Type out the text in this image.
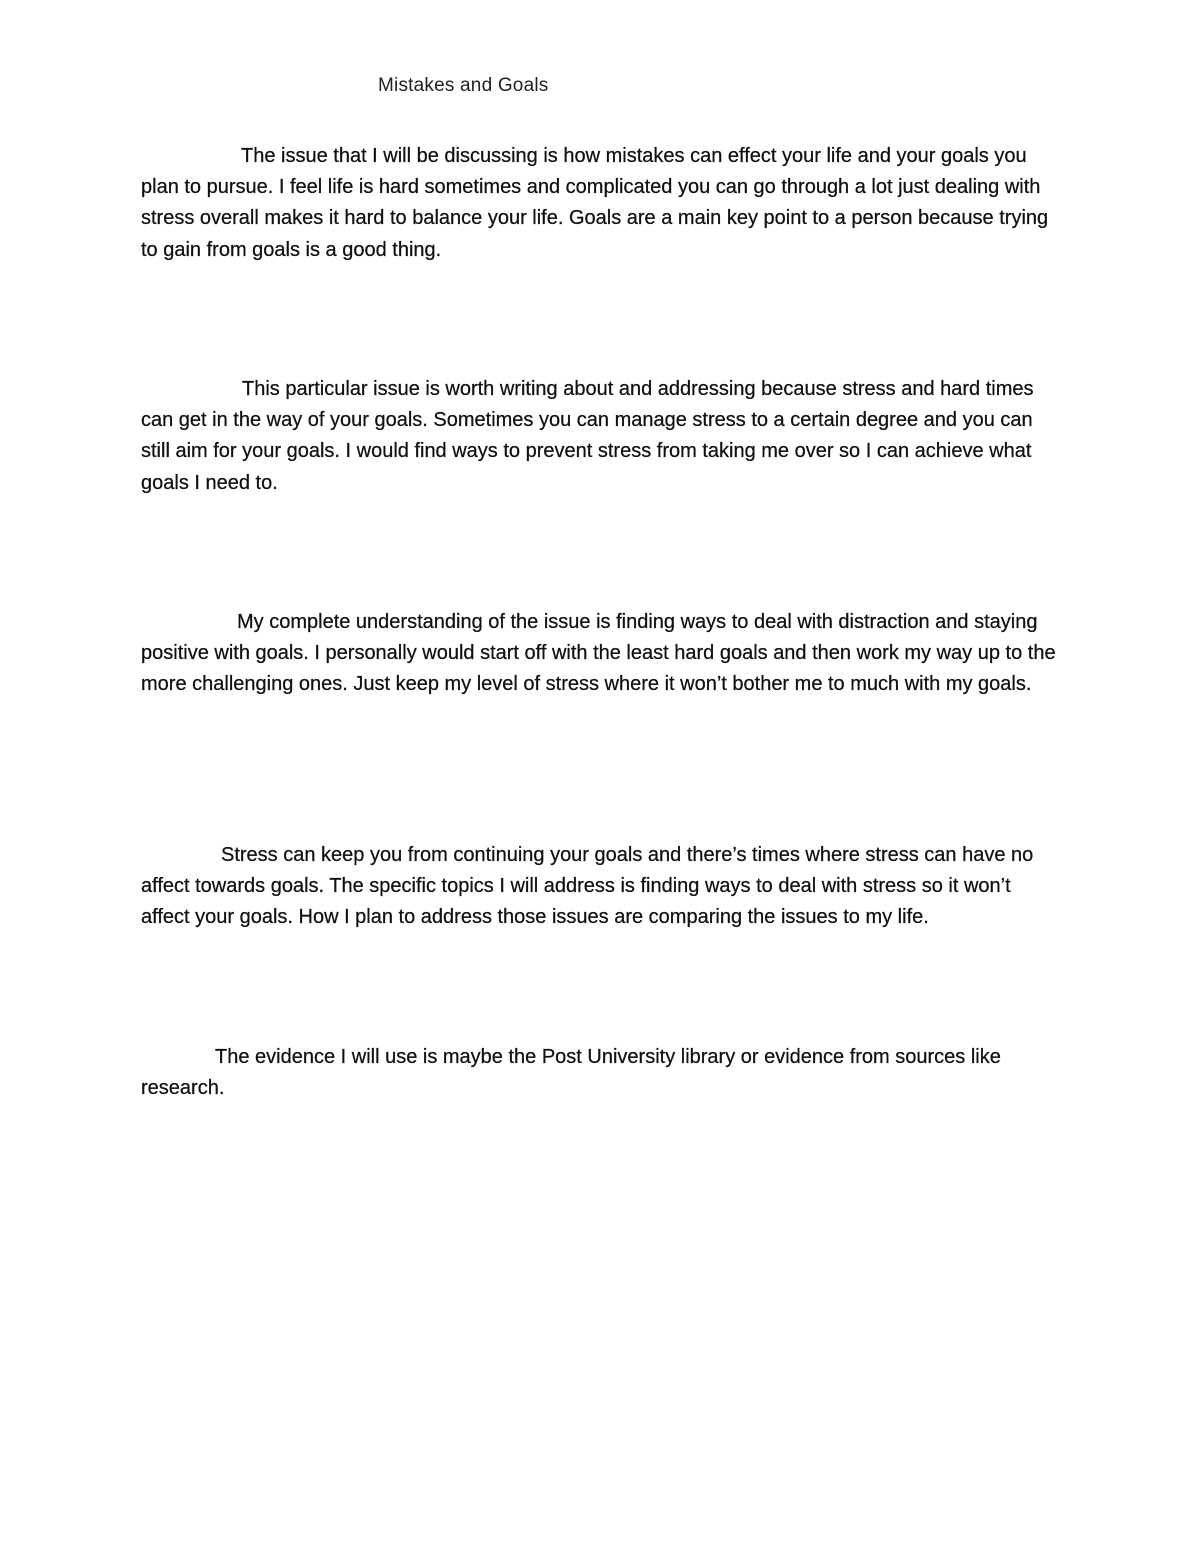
Mistakes and Goals

The issue that I will be discussing is how mistakes can effect your life and your goals you plan to pursue. I feel life is hard sometimes and complicated you can go through a lot just dealing with stress overall makes it hard to balance your life. Goals are a main key point to a person because trying to gain from goals is a good thing.

This particular issue is worth writing about and addressing because stress and hard times can get in the way of your goals. Sometimes you can manage stress to a certain degree and you can still aim for your goals. I would find ways to prevent stress from taking me over so I can achieve what goals I need to.

My complete understanding of the issue is finding ways to deal with distraction and staying positive with goals. I personally would start off with the least hard goals and then work my way up to the more challenging ones. Just keep my level of stress where it won’t bother me to much with my goals.

Stress can keep you from continuing your goals and there’s times where stress can have no affect towards goals. The specific topics I will address is finding ways to deal with stress so it won’t affect your goals. How I plan to address those issues are comparing the issues to my life.

The evidence I will use is maybe the Post University library or evidence from sources like research.
